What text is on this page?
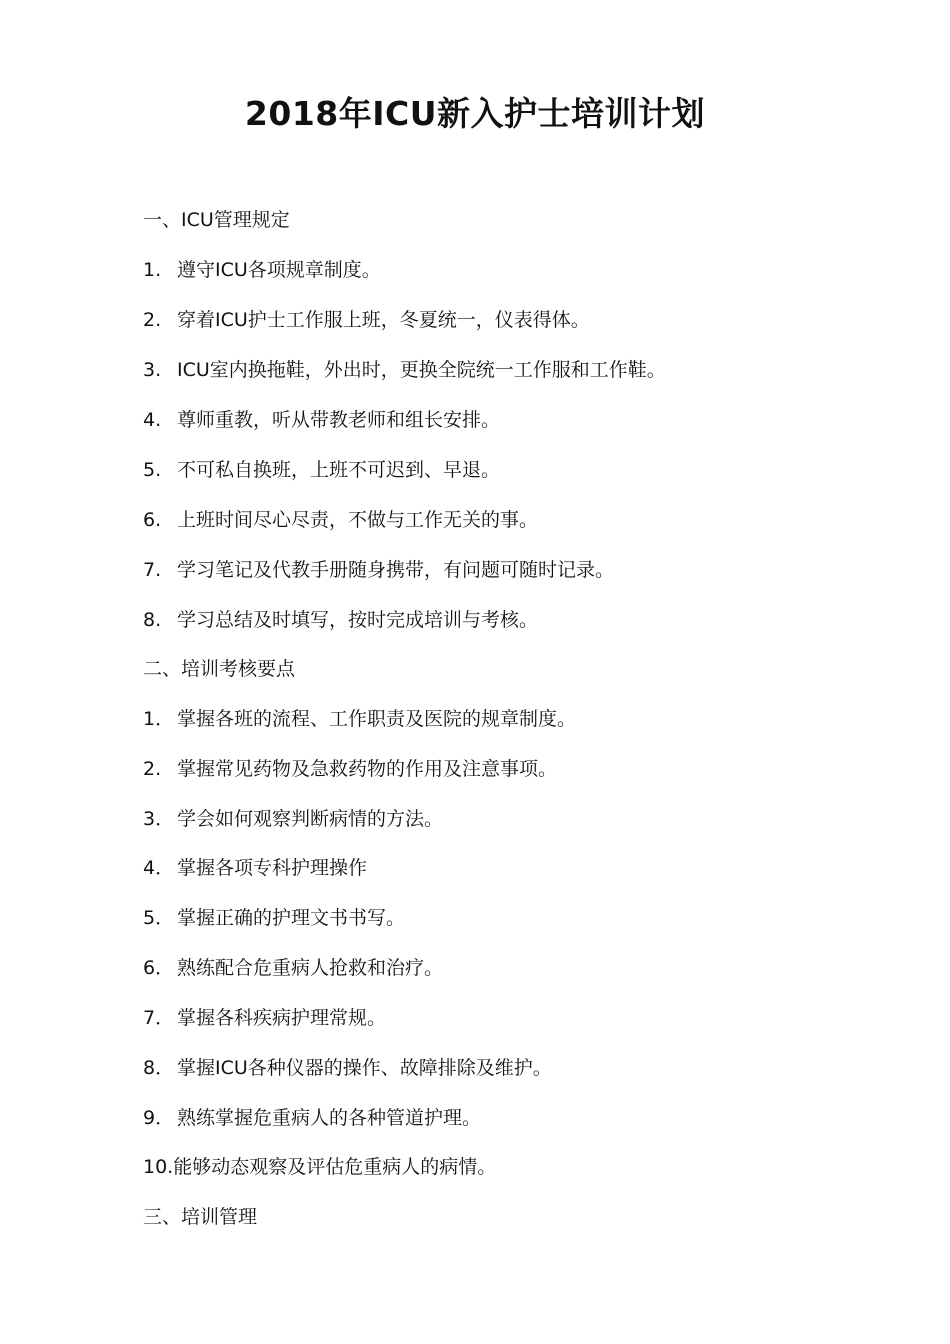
2018年ICU新入护士培训计划
一、ICU管理规定
1. 遵守ICU各项规章制度。
2. 穿着ICU护士工作服上班，冬夏统一，仪表得体。
3. ICU室内换拖鞋，外出时，更换全院统一工作服和工作鞋。
4. 尊师重教，听从带教老师和组长安排。
5. 不可私自换班，上班不可迟到、早退。
6. 上班时间尽心尽责，不做与工作无关的事。
7. 学习笔记及代教手册随身携带，有问题可随时记录。
8. 学习总结及时填写，按时完成培训与考核。
二、培训考核要点
1． 掌握各班的流程、工作职责及医院的规章制度。
2. 掌握常见药物及急救药物的作用及注意事项。
3． 学会如何观察判断病情的方法。
4． 掌握各项专科护理操作
5． 掌握正确的护理文书书写。
6． 熟练配合危重病人抢救和治疗。
7． 掌握各科疾病护理常规。
8． 掌握ICU各种仪器的操作、故障排除及维护。
9． 熟练掌握危重病人的各种管道护理。
10.能够动态观察及评估危重病人的病情。
三、培训管理
